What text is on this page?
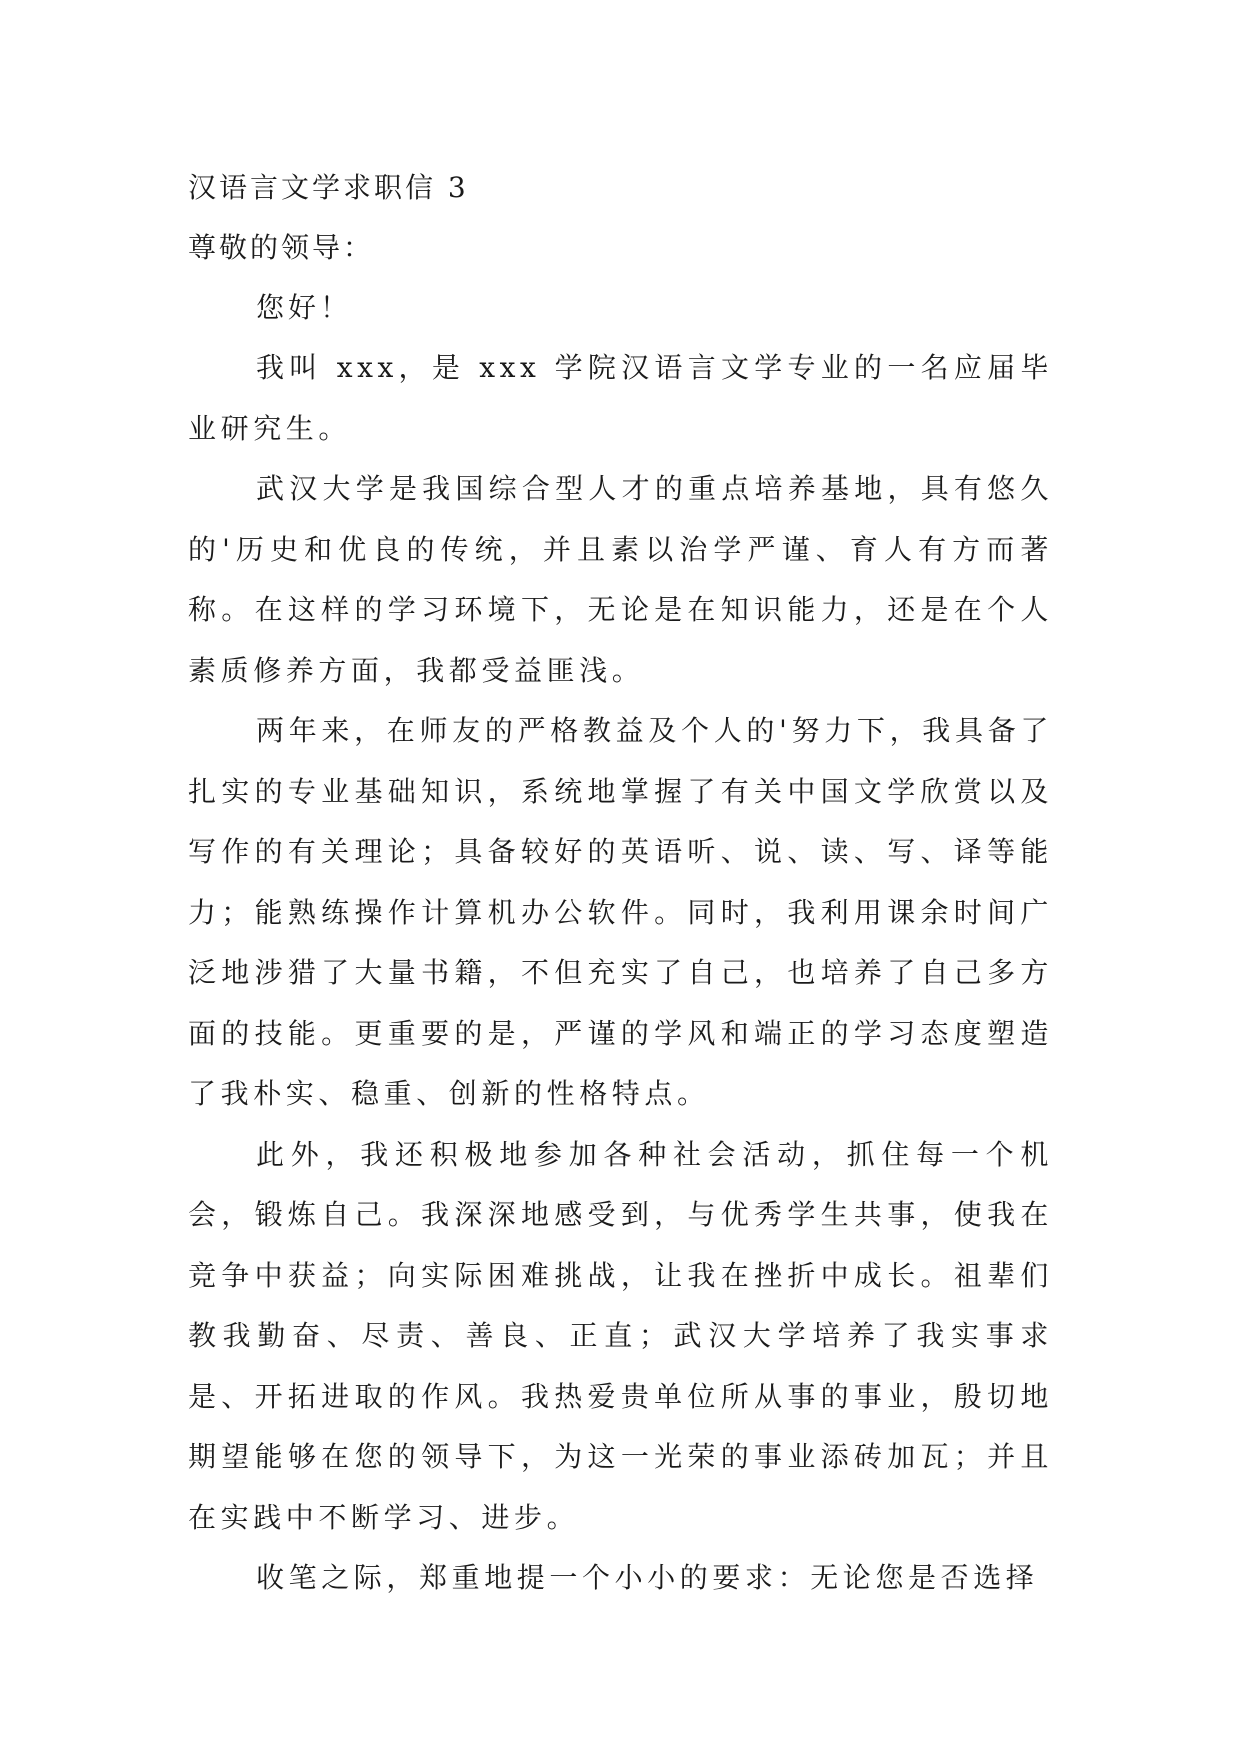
汉语言文学求职信 3

尊敬的领导：

您好！

我叫 xxx，是 xxx 学院汉语言文学专业的一名应届毕业研究生。

武汉大学是我国综合型人才的重点培养基地，具有悠久的'历史和优良的传统，并且素以治学严谨、育人有方而著称。在这样的学习环境下，无论是在知识能力，还是在个人素质修养方面，我都受益匪浅。

两年来，在师友的严格教益及个人的'努力下，我具备了扎实的专业基础知识，系统地掌握了有关中国文学欣赏以及写作的有关理论；具备较好的英语听、说、读、写、译等能力；能熟练操作计算机办公软件。同时，我利用课余时间广泛地涉猎了大量书籍，不但充实了自己，也培养了自己多方面的技能。更重要的是，严谨的学风和端正的学习态度塑造了我朴实、稳重、创新的性格特点。

此外，我还积极地参加各种社会活动，抓住每一个机会，锻炼自己。我深深地感受到，与优秀学生共事，使我在竞争中获益；向实际困难挑战，让我在挫折中成长。祖辈们教我勤奋、尽责、善良、正直；武汉大学培养了我实事求是、开拓进取的作风。我热爱贵单位所从事的事业，殷切地期望能够在您的领导下，为这一光荣的事业添砖加瓦；并且在实践中不断学习、进步。

收笔之际，郑重地提一个小小的要求：无论您是否选择
